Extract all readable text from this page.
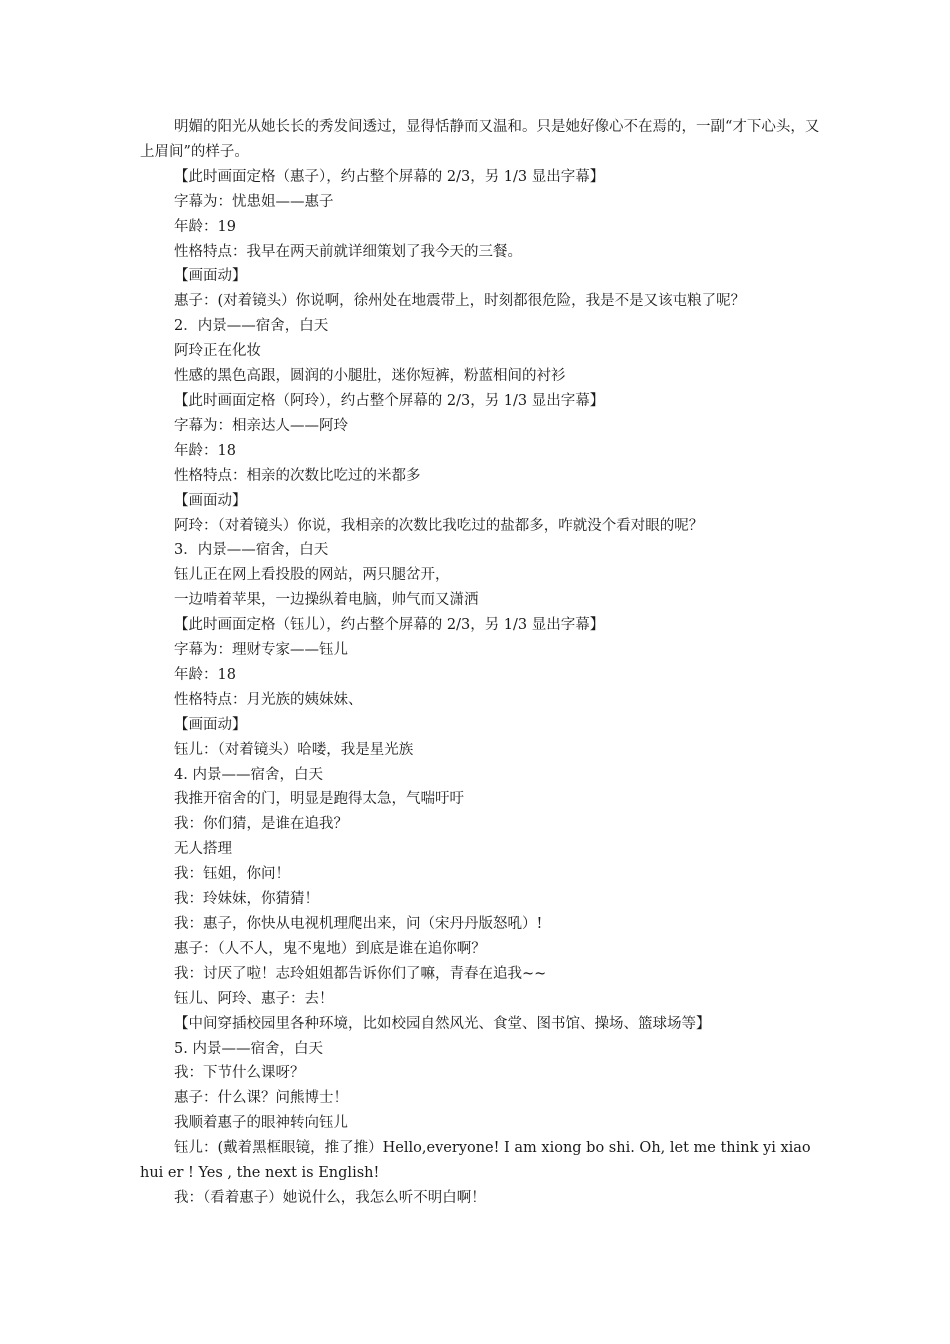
明媚的阳光从她长长的秀发间透过，显得恬静而又温和。只是她好像心不在焉的，一副“才下心头，又上眉间”的样子。

【此时画面定格（惠子），约占整个屏幕的 2/3，另 1/3 显出字幕】

字幕为：忧患姐——惠子

年龄：19

性格特点：我早在两天前就详细策划了我今天的三餐。

【画面动】

惠子：(对着镜头）你说啊，徐州处在地震带上，时刻都很危险，我是不是又该屯粮了呢？

2．内景——宿舍，白天

阿玲正在化妆

性感的黑色高跟，圆润的小腿肚，迷你短裤，粉蓝相间的衬衫

【此时画面定格（阿玲），约占整个屏幕的 2/3，另 1/3 显出字幕】

字幕为：相亲达人——阿玲

年龄：18

性格特点：相亲的次数比吃过的米都多

【画面动】

阿玲：（对着镜头）你说，我相亲的次数比我吃过的盐都多，咋就没个看对眼的呢？

3．内景——宿舍，白天

钰儿正在网上看投股的网站，两只腿岔开，

一边啃着苹果，一边操纵着电脑，帅气而又潇洒

【此时画面定格（钰儿），约占整个屏幕的 2/3，另 1/3 显出字幕】

字幕为：理财专家——钰儿

年龄：18

性格特点：月光族的姨妹妹、

【画面动】

钰儿：（对着镜头）哈喽，我是星光族

4. 内景——宿舍，白天

我推开宿舍的门，明显是跑得太急，气喘吁吁

我：你们猜，是谁在追我？

无人搭理

我：钰姐，你问！

我：玲妹妹，你猜猜！

我：惠子，你快从电视机理爬出来，问（宋丹丹版怒吼）!

惠子：（人不人，鬼不鬼地）到底是谁在追你啊？

我：讨厌了啦！志玲姐姐都告诉你们了嘛，青春在追我~~

钰儿、阿玲、惠子：去！

【中间穿插校园里各种环境，比如校园自然风光、食堂、图书馆、操场、篮球场等】

5. 内景——宿舍，白天

我：下节什么课呀？

惠子：什么课？问熊博士！

我顺着惠子的眼神转向钰儿

钰儿：(戴着黑框眼镜，推了推）Hello,everyone! I am xiong bo shi. Oh, let me think yi xiao hui er ! Yes , the next is English!

我：（看着惠子）她说什么，我怎么听不明白啊！
